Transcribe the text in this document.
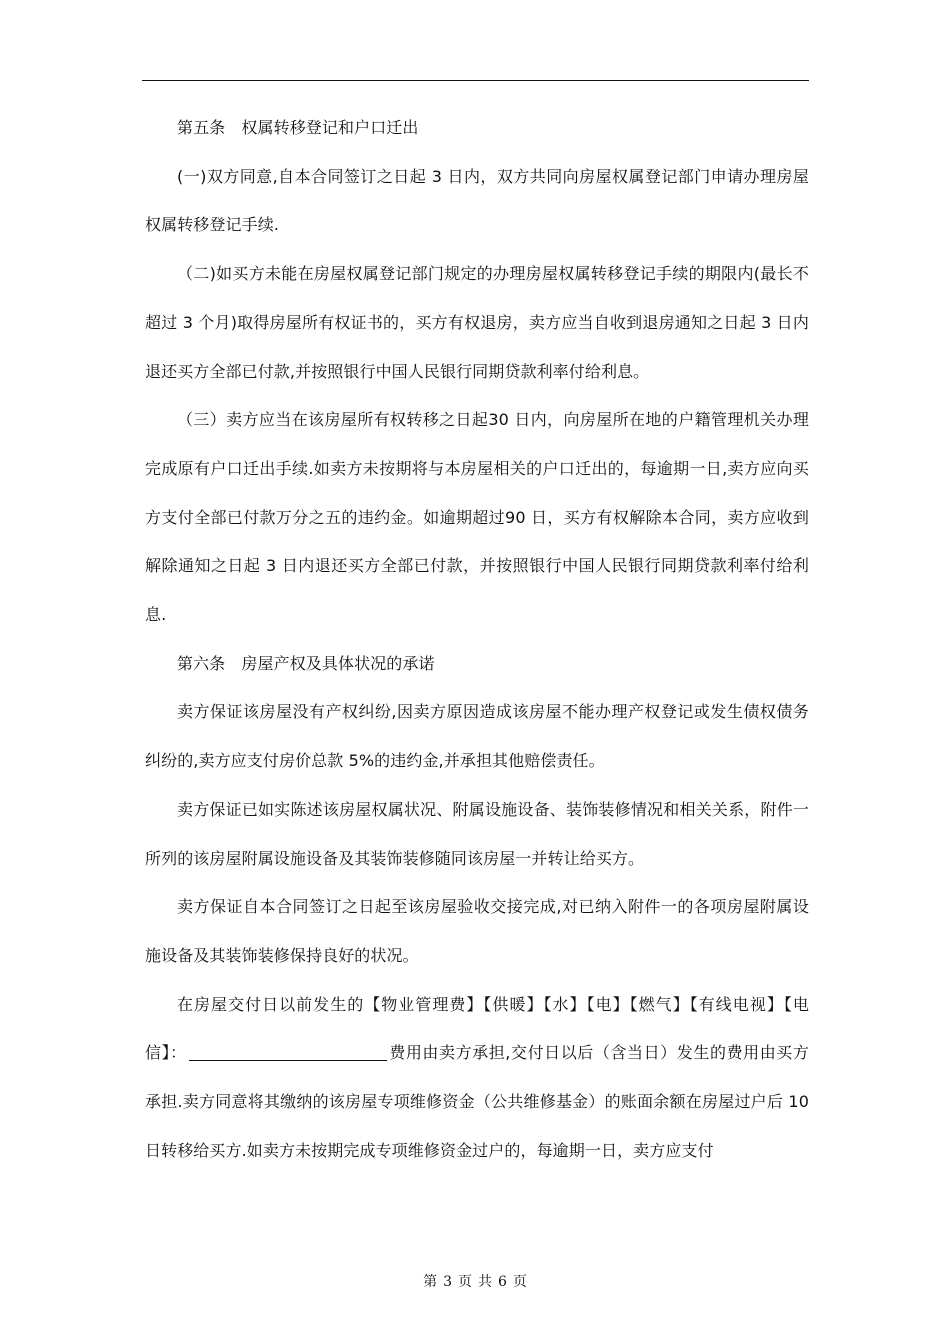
第五条　权属转移登记和户口迁出

(一)双方同意,自本合同签订之日起 3 日内，双方共同向房屋权属登记部门申请办理房屋权属转移登记手续.

（二)如买方未能在房屋权属登记部门规定的办理房屋权属转移登记手续的期限内(最长不超过 3 个月)取得房屋所有权证书的，买方有权退房，卖方应当自收到退房通知之日起 3 日内退还买方全部已付款,并按照银行中国人民银行同期贷款利率付给利息。

（三）卖方应当在该房屋所有权转移之日起30 日内，向房屋所在地的户籍管理机关办理完成原有户口迁出手续.如卖方未按期将与本房屋相关的户口迁出的，每逾期一日,卖方应向买方支付全部已付款万分之五的违约金。如逾期超过90 日，买方有权解除本合同，卖方应收到解除通知之日起 3 日内退还买方全部已付款，并按照银行中国人民银行同期贷款利率付给利息.

第六条　房屋产权及具体状况的承诺

卖方保证该房屋没有产权纠纷,因卖方原因造成该房屋不能办理产权登记或发生债权债务纠纷的,卖方应支付房价总款 5%的违约金,并承担其他赔偿责任。

卖方保证已如实陈述该房屋权属状况、附属设施设备、装饰装修情况和相关关系，附件一所列的该房屋附属设施设备及其装饰装修随同该房屋一并转让给买方。

卖方保证自本合同签订之日起至该房屋验收交接完成,对已纳入附件一的各项房屋附属设施设备及其装饰装修保持良好的状况。

在房屋交付日以前发生的【物业管理费】【供暖】【水】【电】【燃气】【有线电视】【电信】：	费用由卖方承担,交付日以后（含当日）发生的费用由买方承担.卖方同意将其缴纳的该房屋专项维修资金（公共维修基金）的账面余额在房屋过户后 10 日转移给买方.如卖方未按期完成专项维修资金过户的，每逾期一日，卖方应支付

第 3 页 共 6 页
